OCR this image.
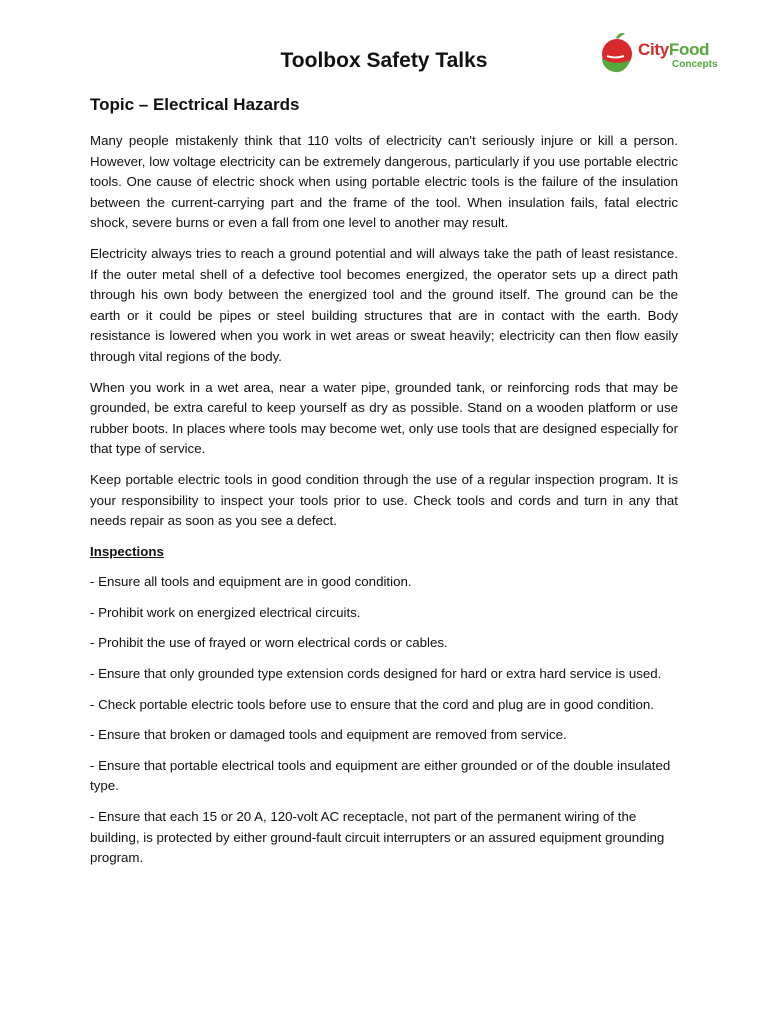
CityFood
Concepts
Toolbox Safety Talks
Topic – Electrical Hazards

Many people mistakenly think that 110 volts of electricity can't seriously injure or kill a person. However, low voltage electricity can be extremely dangerous, particularly if you use portable electric tools. One cause of electric shock when using portable electric tools is the failure of the insulation between the current-carrying part and the frame of the tool. When insulation fails, fatal electric shock, severe burns or even a fall from one level to another may result.

Electricity always tries to reach a ground potential and will always take the path of least resistance. If the outer metal shell of a defective tool becomes energized, the operator sets up a direct path through his own body between the energized tool and the ground itself. The ground can be the earth or it could be pipes or steel building structures that are in contact with the earth. Body resistance is lowered when you work in wet areas or sweat heavily; electricity can then flow easily through vital regions of the body.

When you work in a wet area, near a water pipe, grounded tank, or reinforcing rods that may be grounded, be extra careful to keep yourself as dry as possible. Stand on a wooden platform or use rubber boots. In places where tools may become wet, only use tools that are designed especially for that type of service.

Keep portable electric tools in good condition through the use of a regular inspection program. It is your responsibility to inspect your tools prior to use. Check tools and cords and turn in any that needs repair as soon as you see a defect.

Inspections

- Ensure all tools and equipment are in good condition.
- Prohibit work on energized electrical circuits.
- Prohibit the use of frayed or worn electrical cords or cables.
- Ensure that only grounded type extension cords designed for hard or extra hard service is used.
- Check portable electric tools before use to ensure that the cord and plug are in good condition.
- Ensure that broken or damaged tools and equipment are removed from service.
- Ensure that portable electrical tools and equipment are either grounded or of the double insulated type.
- Ensure that each 15 or 20 A, 120-volt AC receptacle, not part of the permanent wiring of the building, is protected by either ground-fault circuit interrupters or an assured equipment grounding program.
